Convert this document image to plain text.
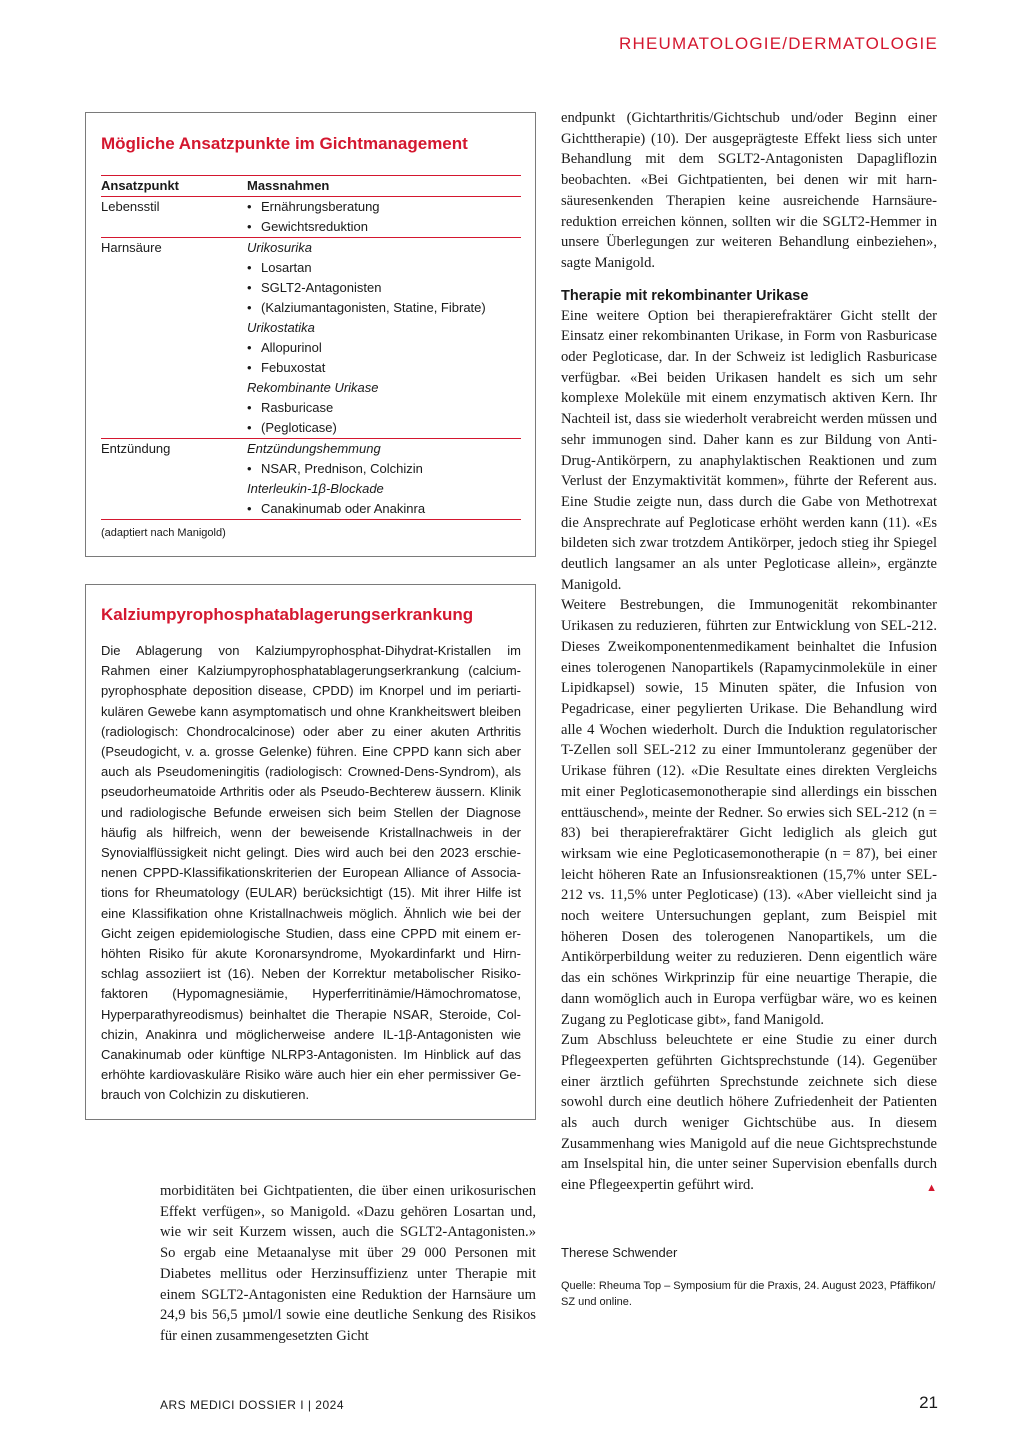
RHEUMATOLOGIE/DERMATOLOGIE
Mögliche Ansatzpunkte im Gichtmanagement
Ansatzpunkt	Massnahmen
Lebensstil	• Ernährungsberatung
	• Gewichtsreduktion
Harnsäure	Urikosurika
	• Losartan
	• SGLT2-Antagonisten
	• (Kalziumantagonisten, Statine, Fibrate)
	Urikostatika
	• Allopurinol
	• Febuxostat
	Rekombinante Urikase
	• Rasburicase
	• (Pegloticase)
Entzündung	Entzündungshemmung
	• NSAR, Prednison, Colchizin
	Interleukin-1β-Blockade
	• Canakinumab oder Anakinra
(adaptiert nach Manigold)
Kalziumpyrophosphatablagerungserkrankung

Die Ablagerung von Kalziumpyrophosphat-Dihydrat-Kristallen im Rahmen einer Kalziumpyrophosphatablagerungserkrankung (calciumpyrophosphate deposition disease, CPDD) im Knorpel und im periartikulären Gewebe kann asymptomatisch und ohne Krankheitswert bleiben (radiologisch: Chondrocalcinose) oder aber zu einer akuten Arthritis (Pseudogicht, v. a. grosse Gelenke) führen. Eine CPPD kann sich aber auch als Pseudomeningitis (radiologisch: Crowned-Dens-Syndrom), als pseudorheumatoide Arthritis oder als Pseudo-Bechterew äussern. Klinik und radiologische Befunde erweisen sich beim Stellen der Diagnose häufig als hilfreich, wenn der beweisende Kristallnachweis in der Synovialflüssigkeit nicht gelingt. Dies wird auch bei den 2023 erschienenen CPPD-Klassifikationskriterien der European Alliance of Associations for Rheumatology (EULAR) berücksichtigt (15). Mit ihrer Hilfe ist eine Klassifikation ohne Kristallnachweis möglich. Ähnlich wie bei der Gicht zeigen epidemiologische Studien, dass eine CPPD mit einem erhöhten Risiko für akute Koronarsyndrome, Myokardinfarkt und Hirnschlag assoziiert ist (16). Neben der Korrektur metabolischer Risikofaktoren (Hypomagnesiämie, Hyperferritinämie/Hämochromatose, Hyperparathyreodismus) beinhaltet die Therapie NSAR, Steroide, Colchizin, Anakinra und möglicherweise andere IL-1β-Antagonisten wie Canakinumab oder künftige NLRP3-Antagonisten. Im Hinblick auf das erhöhte kardiovaskuläre Risiko wäre auch hier ein eher permissiver Gebrauch von Colchizin zu diskutieren.

morbiditäten bei Gichtpatienten, die über einen urikosurischen Effekt verfügen», so Manigold. «Dazu gehören Losartan und, wie wir seit Kurzem wissen, auch die SGLT2-Antagonisten.» So ergab eine Metaanalyse mit über 29 000 Personen mit Diabetes mellitus oder Herzinsuffizienz unter Therapie mit einem SGLT2-Antagonisten eine Reduktion der Harnsäure um 24,9 bis 56,5 µmol/l sowie eine deutliche Senkung des Risikos für einen zusammengesetzten Gicht

endpunkt (Gichtarthritis/Gichtschub und/oder Beginn einer Gichttherapie) (10). Der ausgeprägteste Effekt liess sich unter Behandlung mit dem SGLT2-Antagonisten Dapagliflozin beobachten. «Bei Gichtpatienten, bei denen wir mit harnsäuresenkenden Therapien keine ausreichende Harnsäurereduktion erreichen können, sollten wir die SGLT2-Hemmer in unsere Überlegungen zur weiteren Behandlung einbeziehen», sagte Manigold.

Therapie mit rekombinanter Urikase

Eine weitere Option bei therapierefraktärer Gicht stellt der Einsatz einer rekombinanten Urikase, in Form von Rasburicase oder Pegloticase, dar. In der Schweiz ist lediglich Rasburicase verfügbar. «Bei beiden Urikasen handelt es sich um sehr komplexe Moleküle mit einem enzymatisch aktiven Kern. Ihr Nachteil ist, dass sie wiederholt verabreicht werden müssen und sehr immunogen sind. Daher kann es zur Bildung von Anti-Drug-Antikörpern, zu anaphylaktischen Reaktionen und zum Verlust der Enzymaktivität kommen», führte der Referent aus. Eine Studie zeigte nun, dass durch die Gabe von Methotrexat die Ansprechrate auf Pegloticase erhöht werden kann (11). «Es bildeten sich zwar trotzdem Antikörper, jedoch stieg ihr Spiegel deutlich langsamer an als unter Pegloticase allein», ergänzte Manigold.

Weitere Bestrebungen, die Immunogenität rekombinanter Urikasen zu reduzieren, führten zur Entwicklung von SEL-212. Dieses Zweikomponentenmedikament beinhaltet die Infusion eines tolerogenen Nanopartikels (Rapamycinmoleküle in einer Lipidkapsel) sowie, 15 Minuten später, die Infusion von Pegadricase, einer pegylierten Urikase. Die Behandlung wird alle 4 Wochen wiederholt. Durch die Induktion regulatorischer T-Zellen soll SEL-212 zu einer Immuntoleranz gegenüber der Urikase führen (12). «Die Resultate eines direkten Vergleichs mit einer Pegloticasemonotherapie sind allerdings ein bisschen enttäuschend», meinte der Redner. So erwies sich SEL-212 (n = 83) bei therapierefraktärer Gicht lediglich als gleich gut wirksam wie eine Pegloticasemonotherapie (n = 87), bei einer leicht höheren Rate an Infusionsreaktionen (15,7% unter SEL-212 vs. 11,5% unter Pegloticase) (13). «Aber vielleicht sind ja noch weitere Untersuchungen geplant, zum Beispiel mit höheren Dosen des tolerogenen Nanopartikels, um die Antikörperbildung weiter zu reduzieren. Denn eigentlich wäre das ein schönes Wirkprinzip für eine neuartige Therapie, die dann womöglich auch in Europa verfügbar wäre, wo es keinen Zugang zu Pegloticase gibt», fand Manigold.

Zum Abschluss beleuchtete er eine Studie zu einer durch Pflegeexperten geführten Gichtsprechstunde (14). Gegenüber einer ärztlich geführten Sprechstunde zeichnete sich diese sowohl durch eine deutlich höhere Zufriedenheit der Patienten als auch durch weniger Gichtschübe aus. In diesem Zusammenhang wies Manigold auf die neue Gichtsprechstunde am Inselspital hin, die unter seiner Supervision ebenfalls durch eine Pflegeexpertin geführt wird.	▲

Therese Schwender
Quelle: Rheuma Top – Symposium für die Praxis, 24. August 2023, Pfäffikon/ SZ und online.
ARS MEDICI DOSSIER I | 2024	21
